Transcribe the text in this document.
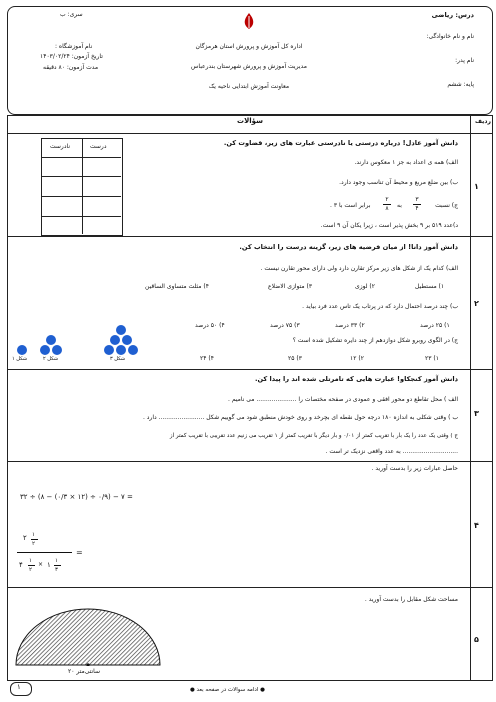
درس: ریاضی
نام و نام خانوادگی:
نام پدر:
پایه: ششم
اداره کل آموزش و پرورش استان هرمزگان
مدیریت آموزش و پرورش شهرستان بندرعباس
معاونت آموزش ابتدایی ناحیه یک
سری: ب
نام آموزشگاه :
تاریخ آزمون: ۱۴۰۳/۰۲/۲۴
مدت آزمون: ۸۰ دقیقه
ردیف
سؤالات
۱
دانش آموز عادل! درباره درستی یا نادرستی عبارت های زیر، قضاوت کن.
نادرست	درست
الف) همه ی اعداد به جز ۱ معکوس دارند.
ب) بین ضلع مربع و محیط آن تناسب وجود دارد.
ج) نسبت
۳
۴
به
۲
۸
برابر است با ۳ .
د)عدد ۵۱۹ بر ۹ بخش پذیر است ، زیرا یکان آن ۹ است.
۲
دانش آموز دانا! از میان فرضیه های زیر، گزینه درست را انتخاب کن.
الف) کدام یک از شکل های زیر مرکز تقارن دارد ولی دارای محور تقارن نیست .
۱) مستطیل
۲) لوزی
۳) متوازی الاضلاع
۴) مثلث متساوی الساقین
ب) چند درصد احتمال دارد که در پرتاب یک تاس عدد فرد بیاید .
۱) ۲۵ درصد
۲) ۳۳ درصد
۳) ۷۵ درصد
۴) ۵۰ درصد
ج) در الگوی روبرو شکل دوازدهم از چند دایره تشکیل شده است ؟
۱) ۲۳
۲) ۱۲
۳) ۲۵
۴) ۲۴
شکل ۳
شکل ۲
شکل ۱
۳
دانش آموز کنجکاو! عبارت هایی که تامرتلی شده اند را پیدا کن.
الف ) محل تقاطع دو محور افقی و عمودی در صفحه مختصات را ..................... می نامیم .
ب ) وقتی شکلی به اندازه ۱۸۰ درجه حول نقطه ای بچرخد و روی خودش منطبق شود می گوییم شکل ........................ دارد .
ج ) وقتی یک عدد را یک بار با تقریب کمتر از ۰/۰۱ و بار دیگر با تقریب کمتر از ۱ تقریب می زنیم عدد تقریبی با تقریب کمتر از
............................. به عدد واقعی نزدیک تر است .
۴
حاصل عبارات زیر را بدست آورید .
۳۲ ÷ (۸ − (۰/۳ × ۱۲) ÷ ۰/۹) − ۷ =
۲ ۱
۲
۴ ۱
۲
× ۱ ۱
۳
=
۵
مساحت شکل مقابل را بدست آورید .
۲۰ سانتی‌متر
۱	● ادامه سوالات در صفحه بعد ●
